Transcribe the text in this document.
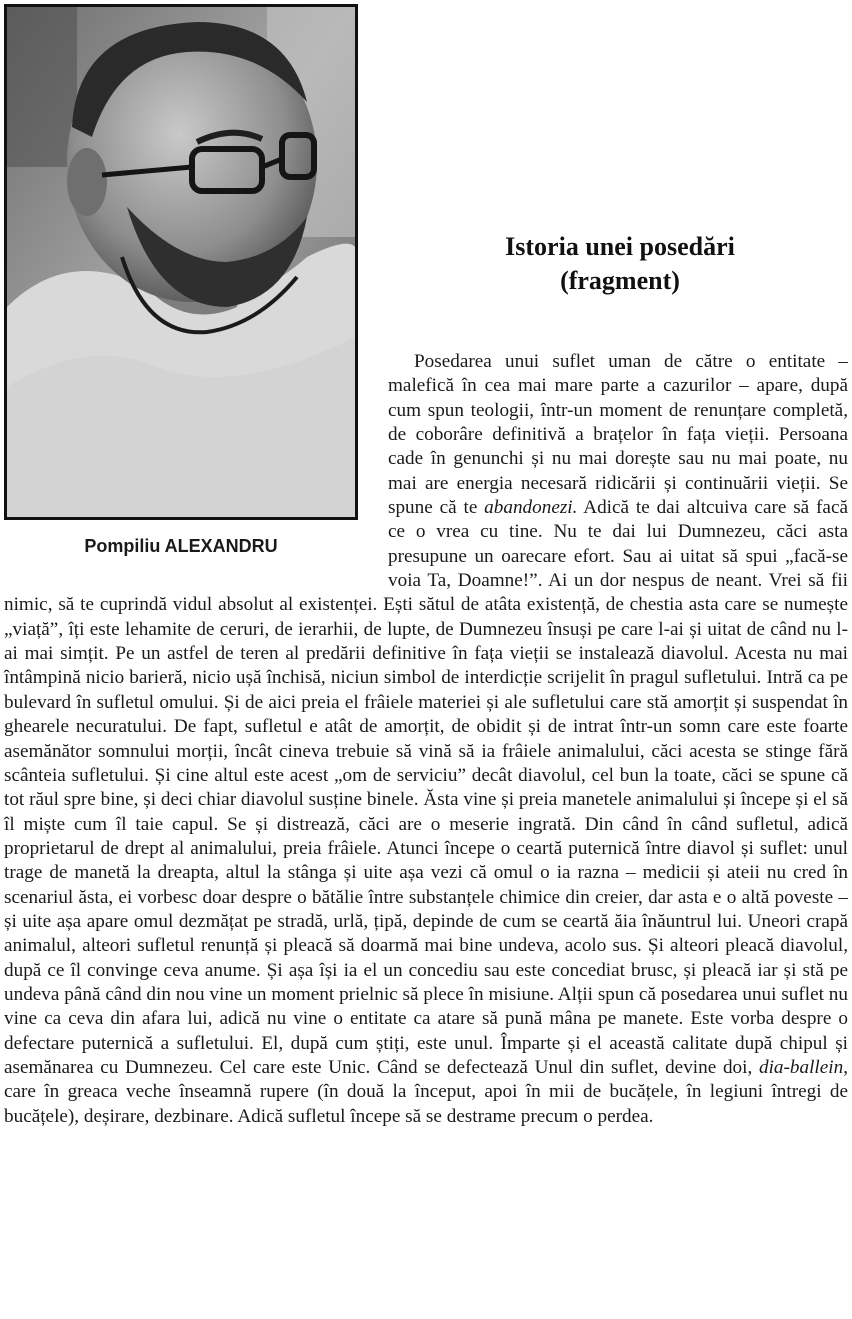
Pompiliu ALEXANDRU
Istoria unei posedări
(fragment)

Posedarea unui suflet uman de către o entitate – malefică în cea mai mare parte a cazurilor – apare, după cum spun teologii, într-un moment de renunțare completă, de coborâre definitivă a brațelor în fața vieții. Persoana cade în genunchi și nu mai dorește sau nu mai poate, nu mai are energia necesară ridicării și continuării vieții. Se spune că te abandonezi. Adică te dai altcuiva care să facă ce o vrea cu tine. Nu te dai lui Dumnezeu, căci asta presupune un oarecare efort. Sau ai uitat să spui „facă-se voia Ta, Doamne!”. Ai un dor nespus de neant. Vrei să fii nimic, să te cuprindă vidul absolut al existenței. Ești sătul de atâta existență, de chestia asta care se numește „viață”, îți este lehamite de ceruri, de ierarhii, de lupte, de Dumnezeu însuși pe care l-ai și uitat de când nu l-ai mai simțit. Pe un astfel de teren al predării definitive în fața vieții se instalează diavolul. Acesta nu mai întâmpină nicio barieră, nicio ușă închisă, niciun simbol de interdicție scrijelit în pragul sufletului. Intră ca pe bulevard în sufletul omului. Și de aici preia el frâiele materiei și ale sufletului care stă amorțit și suspendat în ghearele necuratului. De fapt, sufletul e atât de amorțit, de obidit și de intrat într-un somn care este foarte asemănător somnului morții, încât cineva trebuie să vină să ia frâiele animalului, căci acesta se stinge fără scânteia sufletului. Și cine altul este acest „om de serviciu” decât diavolul, cel bun la toate, căci se spune că tot răul spre bine, și deci chiar diavolul susține binele. Ăsta vine și preia manetele animalului și începe și el să îl miște cum îl taie capul. Se și distrează, căci are o meserie ingrată. Din când în când sufletul, adică proprietarul de drept al animalului, preia frâiele. Atunci începe o ceartă puternică între diavol și suflet: unul trage de manetă la dreapta, altul la stânga și uite așa vezi că omul o ia razna – medicii și ateii nu cred în scenariul ăsta, ei vorbesc doar despre o bătălie între substanțele chimice din creier, dar asta e o altă poveste – și uite așa apare omul dezmățat pe stradă, urlă, țipă, depinde de cum se ceartă ăia înăuntrul lui. Uneori crapă animalul, alteori sufletul renunță și pleacă să doarmă mai bine undeva, acolo sus. Și alteori pleacă diavolul, după ce îl convinge ceva anume. Și așa își ia el un concediu sau este concediat brusc, și pleacă iar și stă pe undeva până când din nou vine un moment prielnic să plece în misiune. Alții spun că posedarea unui suflet nu vine ca ceva din afara lui, adică nu vine o entitate ca atare să pună mâna pe manete. Este vorba despre o defectare puternică a sufletului. El, după cum știți, este unul. Împarte și el această calitate după chipul și asemănarea cu Dumnezeu. Cel care este Unic. Când se defectează Unul din suflet, devine doi, dia-ballein, care în greaca veche înseamnă rupere (în două la început, apoi în mii de bucățele, în legiuni întregi de bucățele), deșirare, dezbinare. Adică sufletul începe să se destrame precum o perdea.
